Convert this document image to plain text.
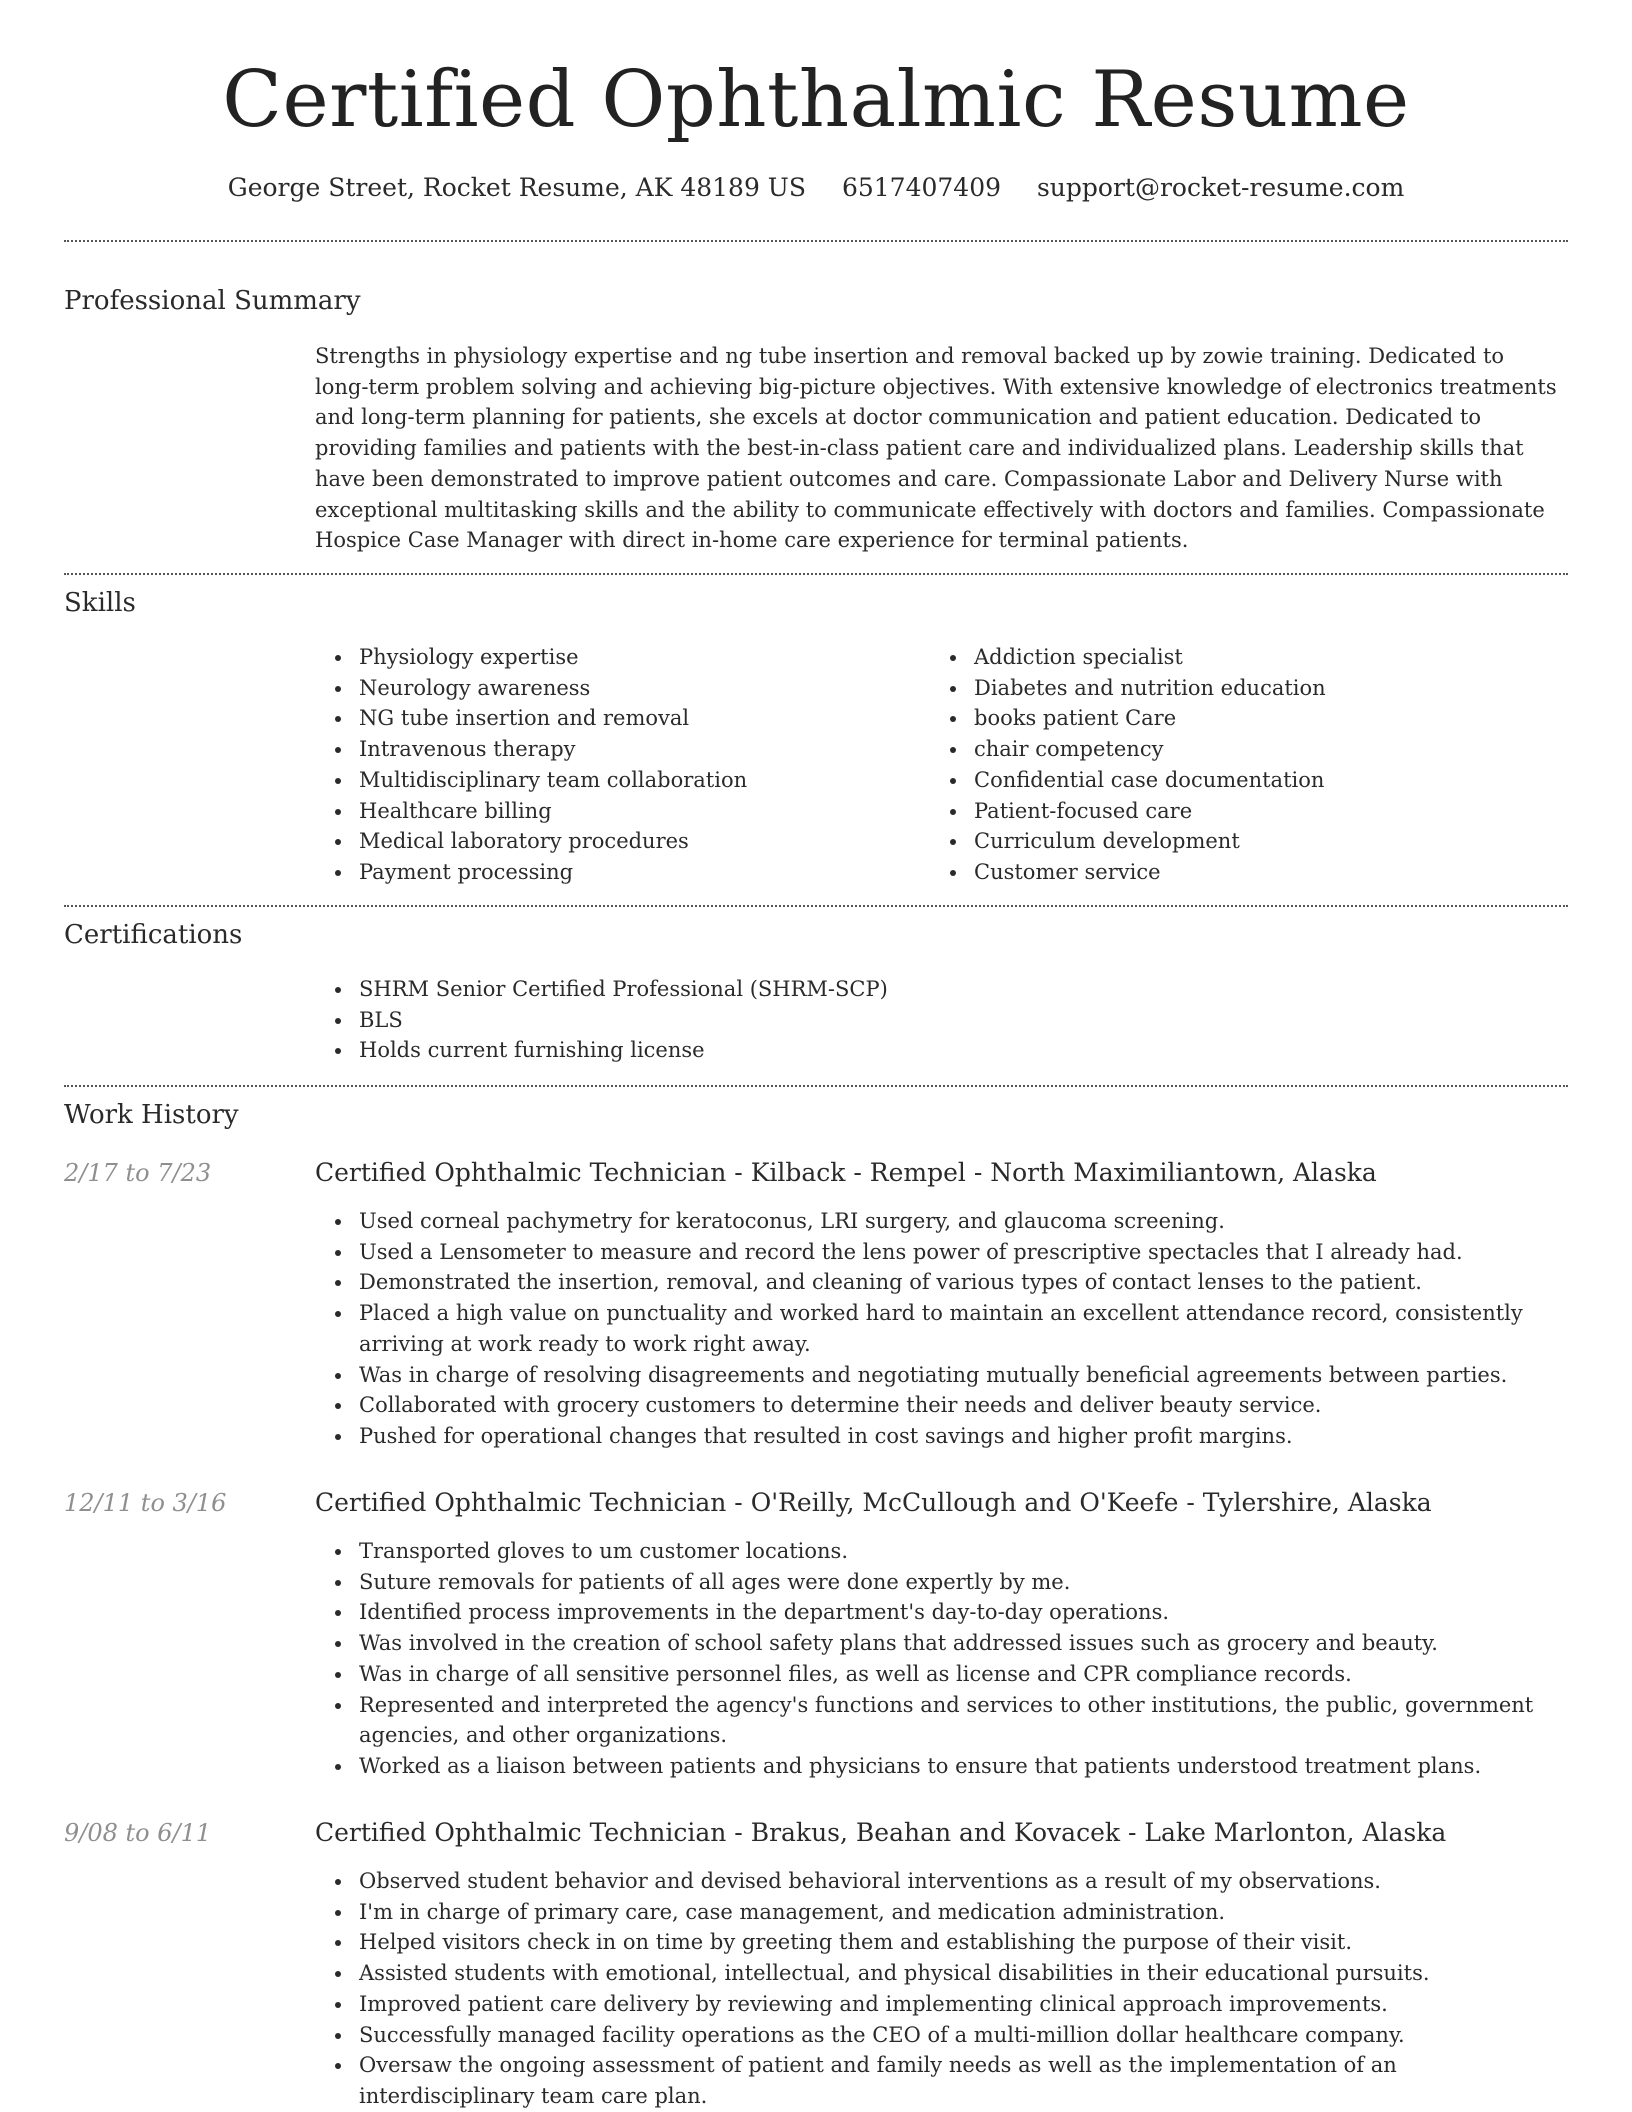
Certified Ophthalmic Resume
George Street, Rocket Resume, AK 48189 US 6517407409 support@rocket-resume.com
Professional Summary

Strengths in physiology expertise and ng tube insertion and removal backed up by zowie training. Dedicated to long-term problem solving and achieving big-picture objectives. With extensive knowledge of electronics treatments and long-term planning for patients, she excels at doctor communication and patient education. Dedicated to providing families and patients with the best-in-class patient care and individualized plans. Leadership skills that have been demonstrated to improve patient outcomes and care. Compassionate Labor and Delivery Nurse with exceptional multitasking skills and the ability to communicate effectively with doctors and families. Compassionate Hospice Case Manager with direct in-home care experience for terminal patients.

Skills
Physiology expertise
Neurology awareness
NG tube insertion and removal
Intravenous therapy
Multidisciplinary team collaboration
Healthcare billing
Medical laboratory procedures
Payment processing
Addiction specialist
Diabetes and nutrition education
books patient Care
chair competency
Confidential case documentation
Patient-focused care
Curriculum development
Customer service
Certifications
SHRM Senior Certified Professional (SHRM-SCP)
BLS
Holds current furnishing license
Work History
2/17 to 7/23	Certified Ophthalmic Technician - Kilback - Rempel - North Maximiliantown, Alaska
Used corneal pachymetry for keratoconus, LRI surgery, and glaucoma screening.
Used a Lensometer to measure and record the lens power of prescriptive spectacles that I already had.
Demonstrated the insertion, removal, and cleaning of various types of contact lenses to the patient.
Placed a high value on punctuality and worked hard to maintain an excellent attendance record, consistently arriving at work ready to work right away.
Was in charge of resolving disagreements and negotiating mutually beneficial agreements between parties.
Collaborated with grocery customers to determine their needs and deliver beauty service.
Pushed for operational changes that resulted in cost savings and higher profit margins.
12/11 to 3/16	Certified Ophthalmic Technician - O'Reilly, McCullough and O'Keefe - Tylershire, Alaska
Transported gloves to um customer locations.
Suture removals for patients of all ages were done expertly by me.
Identified process improvements in the department's day-to-day operations.
Was involved in the creation of school safety plans that addressed issues such as grocery and beauty.
Was in charge of all sensitive personnel files, as well as license and CPR compliance records.
Represented and interpreted the agency's functions and services to other institutions, the public, government agencies, and other organizations.
Worked as a liaison between patients and physicians to ensure that patients understood treatment plans.
9/08 to 6/11	Certified Ophthalmic Technician - Brakus, Beahan and Kovacek - Lake Marlonton, Alaska
Observed student behavior and devised behavioral interventions as a result of my observations.
I'm in charge of primary care, case management, and medication administration.
Helped visitors check in on time by greeting them and establishing the purpose of their visit.
Assisted students with emotional, intellectual, and physical disabilities in their educational pursuits.
Improved patient care delivery by reviewing and implementing clinical approach improvements.
Successfully managed facility operations as the CEO of a multi-million dollar healthcare company.
Oversaw the ongoing assessment of patient and family needs as well as the implementation of an interdisciplinary team care plan.
